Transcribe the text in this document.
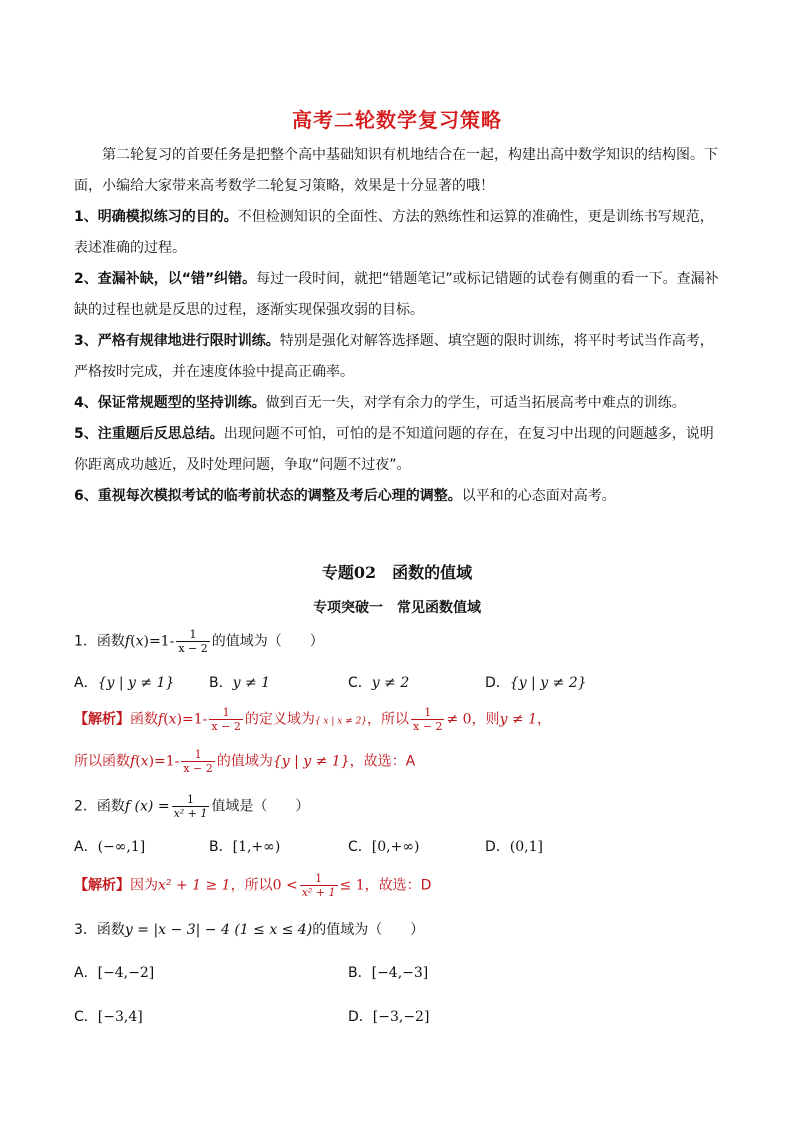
高考二轮数学复习策略

第二轮复习的首要任务是把整个高中基础知识有机地结合在一起，构建出高中数学知识的结构图。下面，小编给大家带来高考数学二轮复习策略，效果是十分显著的哦！

1、明确模拟练习的目的。不但检测知识的全面性、方法的熟练性和运算的准确性，更是训练书写规范，表述准确的过程。

2、查漏补缺，以“错”纠错。每过一段时间，就把“错题笔记”或标记错题的试卷有侧重的看一下。查漏补缺的过程也就是反思的过程，逐渐实现保强攻弱的目标。

3、严格有规律地进行限时训练。特别是强化对解答选择题、填空题的限时训练，将平时考试当作高考，严格按时完成，并在速度体验中提高正确率。

4、保证常规题型的坚持训练。做到百无一失，对学有余力的学生，可适当拓展高考中难点的训练。

5、注重题后反思总结。出现问题不可怕，可怕的是不知道问题的存在，在复习中出现的问题越多，说明你距离成功越近，及时处理问题，争取“问题不过夜”。

6、重视每次模拟考试的临考前状态的调整及考后心理的调整。以平和的心态面对高考。

专题02　函数的值域
专项突破一　常见函数值域
1．函数$f(x)=1- \frac{1}{x - 2}$ 的值域为（　　）
A．{y | y ≠ 1} B．y ≠ 1	C．y ≠ 2	D．{y | y ≠ 2}
【解析】函数$f(x)=1- \frac{1}{x - 2}$ 的定义域为{ x | x ≠ 2}，所以 $\frac{1}{x - 2} \ne 0$，则y ≠ 1，
所以函数$f(x)=1- \frac{1}{x - 2}$ 的值域为{y | y ≠ 1}，故选：A
2．函数f $(x) = \frac{1}{\text{x² + 1}}$ 值域是（　　）
A．(−∞,1]	B．[1,+∞)	C．[0,+∞)	D．(0,1]
【解析】因为x² + 1 ≥ 1，所以$0 < \frac{1}{\text{x² + 1}} \le 1$，故选：D
3．函数y = |x − 3| − 4 (1 ≤ x ≤ 4)的值域为（　　）
A．[−4,−2]	B．[−4,−3]
C．[−3,4]	D．[−3,−2]
